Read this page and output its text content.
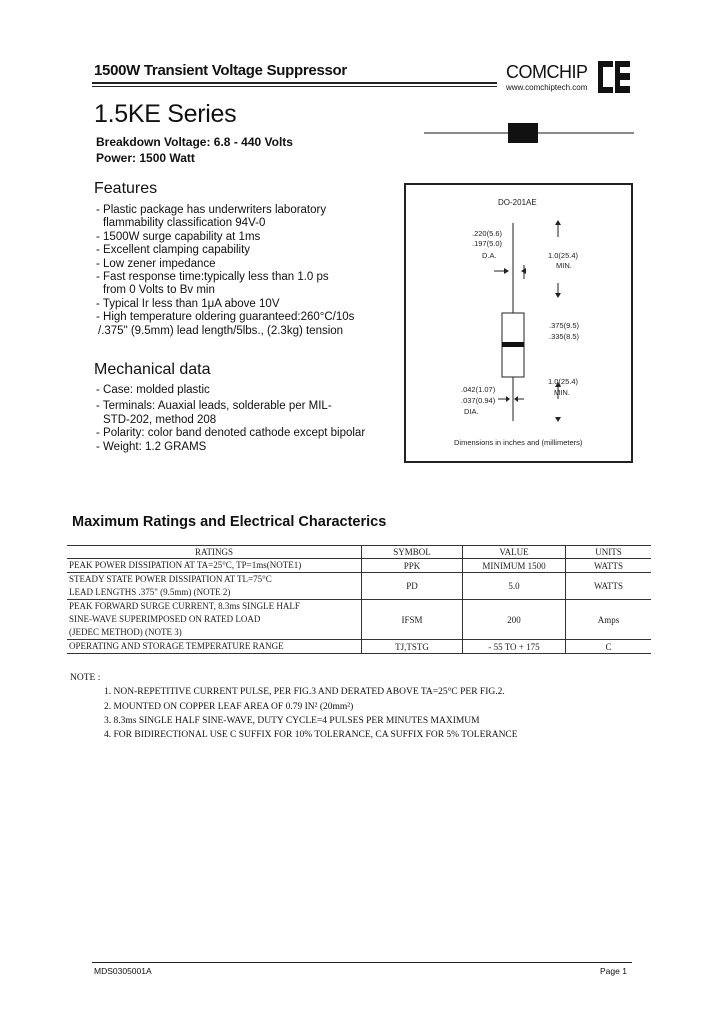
1500W Transient Voltage Suppressor	COMCHIP
www.comchiptech.com
1.5KE Series
Breakdown Voltage: 6.8 - 440 Volts
Power: 1500 Watt
Features
- Plastic package has underwriters laboratory
flammability classification 94V-0
- 1500W surge capability at 1ms
- Excellent clamping capability
- Low zener impedance
- Fast response time:typically less than 1.0 ps
from 0 Volts to Bv min
- Typical Ir less than 1μA above 10V
- High temperature oldering guaranteed:260°C/10s
/.375" (9.5mm) lead length/5lbs., (2.3kg) tension
Mechanical data
- Case: molded plastic
- Terminals: Auaxial leads, solderable per MIL-
STD-202, method 208
- Polarity: color band denoted cathode except bipolar
- Weight: 1.2 GRAMS
DO-201AE
.220(5.6)
.197(5.0)
D.A.	1.0(25.4)
MIN.
.375(9.5)
.335(8.5)
.042(1.07)
.037(0.94)
DIA.
1.0(25.4)
MIN.
Dimensions in inches and (millimeters)
Maximum Ratings and Electrical Characterics
RATINGS	SYMBOL	VALUE	UNITS
PEAK POWER DISSIPATION AT TA=25°C, TP=1ms(NOTE1)	PPK	MINIMUM 1500	WATTS
STEADY STATE POWER DISSIPATION AT TL=75°C
LEAD LENGTHS .375" (9.5mm) (NOTE 2)	PD	5.0	WATTS
PEAK FORWARD SURGE CURRENT, 8.3ms SINGLE HALF
SINE-WAVE SUPERIMPOSED ON RATED LOAD
(JEDEC METHOD) (NOTE 3)	IFSM	200	Amps
OPERATING AND STORAGE TEMPERATURE RANGE	TJ,TSTG	- 55 TO + 175	C
NOTE :
1. NON-REPETITIVE CURRENT PULSE, PER FIG.3 AND DERATED ABOVE TA=25°C PER FIG.2.
2. MOUNTED ON COPPER LEAF AREA OF 0.79 IN² (20mm²)
3. 8.3ms SINGLE HALF SINE-WAVE, DUTY CYCLE=4 PULSES PER MINUTES MAXIMUM
4. FOR BIDIRECTIONAL USE C SUFFIX FOR 10% TOLERANCE, CA SUFFIX FOR 5% TOLERANCE
MDS0305001A	Page 1
